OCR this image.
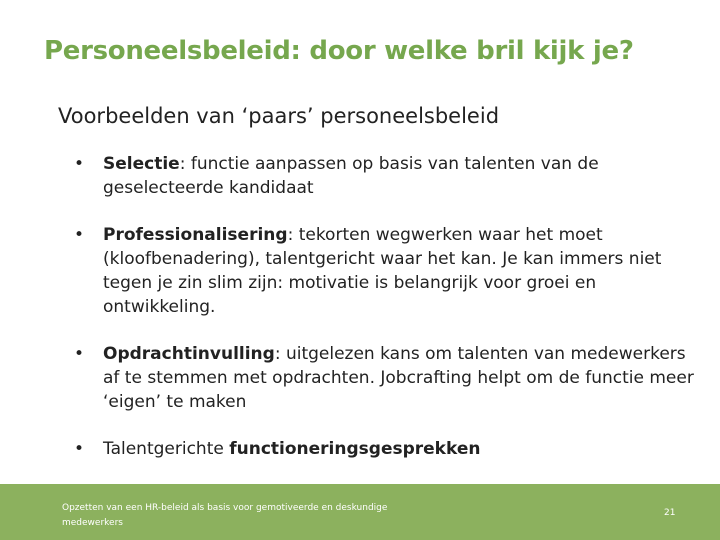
Personeelsbeleid: door welke bril kijk je?
Voorbeelden van ‘paars’ personeelsbeleid
• Selectie: functie aanpassen op basis van talenten van de geselecteerde kandidaat
• Professionalisering: tekorten wegwerken waar het moet (kloofbenadering), talentgericht waar het kan. Je kan immers niet tegen je zin slim zijn: motivatie is belangrijk voor groei en ontwikkeling.
• Opdrachtinvulling: uitgelezen kans om talenten van medewerkers af te stemmen met opdrachten. Jobcrafting helpt om de functie meer ‘eigen’ te maken
• Talentgerichte functioneringsgesprekken
Opzetten van een HR-beleid als basis voor gemotiveerde en deskundige medewerkers
21
